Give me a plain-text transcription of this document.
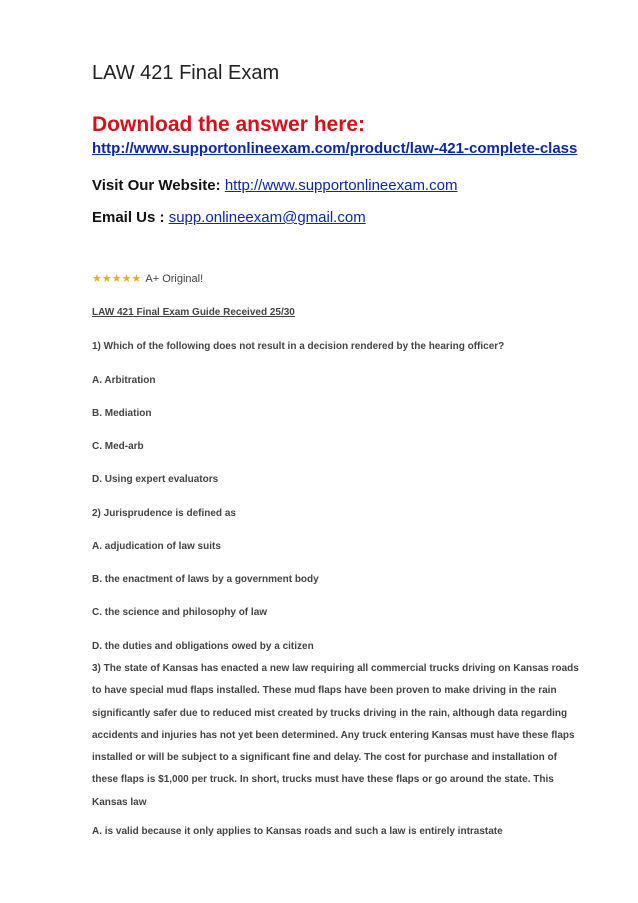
LAW 421 Final Exam
Download the answer here:
http://www.supportonlineexam.com/product/law-421-complete-class
Visit Our Website: http://www.supportonlineexam.com
Email Us : supp.onlineexam@gmail.com
★ ★ ★ ★ ★ A+ Original!
LAW 421 Final Exam Guide Received 25/30
1) Which of the following does not result in a decision rendered by the hearing officer?
A. Arbitration
B. Mediation
C. Med-arb
D. Using expert evaluators
2) Jurisprudence is defined as
A. adjudication of law suits
B. the enactment of laws by a government body
C. the science and philosophy of law
D. the duties and obligations owed by a citizen
3) The state of Kansas has enacted a new law requiring all commercial trucks driving on Kansas roads
to have special mud flaps installed. These mud flaps have been proven to make driving in the rain
significantly safer due to reduced mist created by trucks driving in the rain, although data regarding
accidents and injuries has not yet been determined. Any truck entering Kansas must have these flaps
installed or will be subject to a significant fine and delay. The cost for purchase and installation of
these flaps is $1,000 per truck. In short, trucks must have these flaps or go around the state. This
Kansas law
A. is valid because it only applies to Kansas roads and such a law is entirely intrastate
